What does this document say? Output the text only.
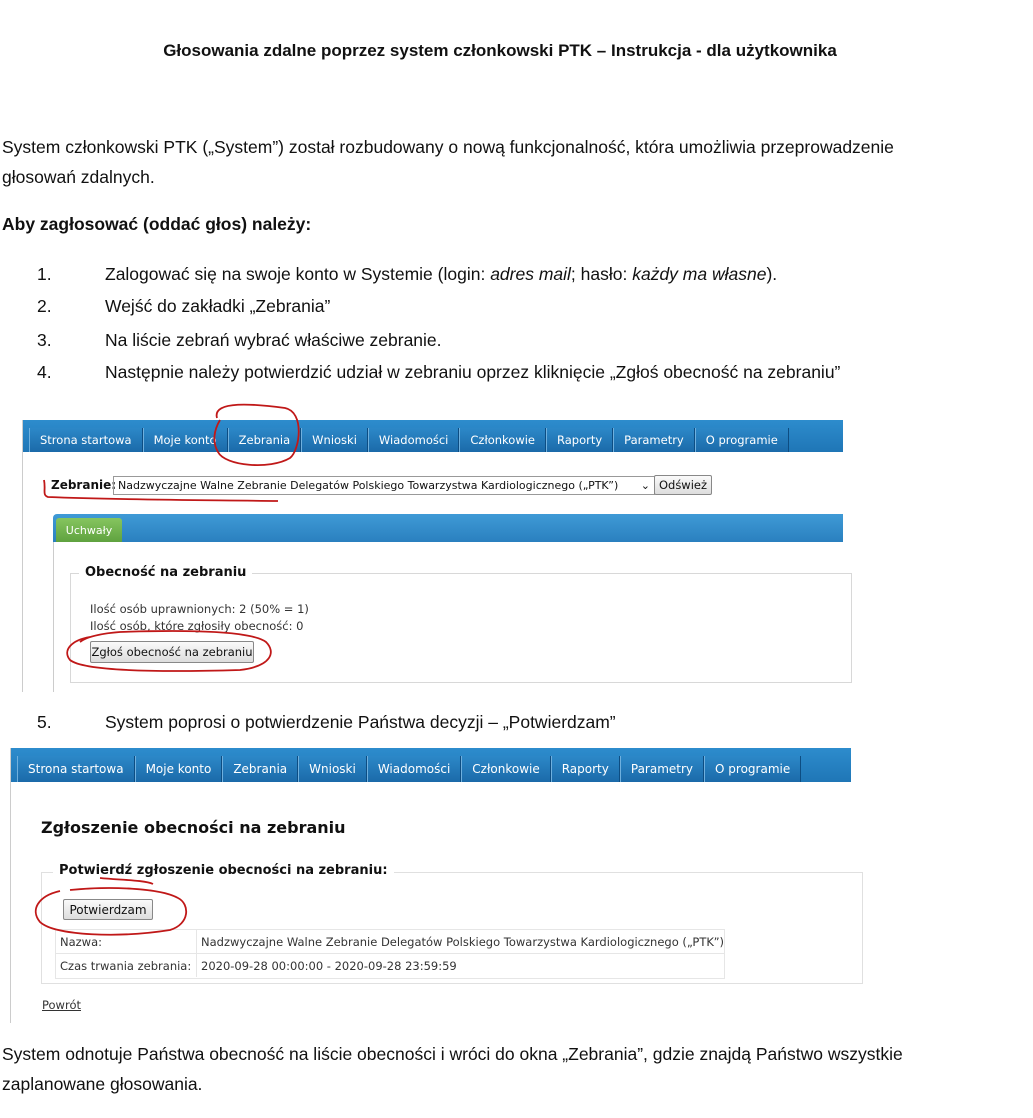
Głosowania zdalne poprzez system członkowski PTK – Instrukcja - dla użytkownika
System członkowski PTK („System”) został rozbudowany o nową funkcjonalność, która umożliwia przeprowadzenie
głosowań zdalnych.
Aby zagłosować (oddać głos) należy:
1.	Zalogować się na swoje konto w Systemie (login: adres mail; hasło: każdy ma własne).
2.	Wejść do zakładki „Zebrania”
3.	Na liście zebrań wybrać właściwe zebranie.
4.	Następnie należy potwierdzić udział w zebraniu oprzez kliknięcie „Zgłoś obecność na zebraniu”
Strona startowa	Moje konto	Zebrania	Wnioski	Wiadomości	Członkowie	Raporty	Parametry	O programie
Zebranie: Nadzwyczajne Walne Zebranie Delegatów Polskiego Towarzystwa Kardiologicznego („PTK”) ⌄ Odśwież
Uchwały
Obecność na zebraniu
Ilość osób uprawnionych: 2 (50% = 1)
Ilość osób, które zgłosiły obecność: 0
Zgłoś obecność na zebraniu
5.	System poprosi o potwierdzenie Państwa decyzji – „Potwierdzam”
Strona startowa	Moje konto	Zebrania	Wnioski	Wiadomości	Członkowie	Raporty	Parametry	O programie
Zgłoszenie obecności na zebraniu
Potwierdź zgłoszenie obecności na zebraniu:
Potwierdzam
Nazwa:	Nadzwyczajne Walne Zebranie Delegatów Polskiego Towarzystwa Kardiologicznego („PTK”)
Czas trwania zebrania: 2020-09-28 00:00:00 - 2020-09-28 23:59:59
Powrót
System odnotuje Państwa obecność na liście obecności i wróci do okna „Zebrania”, gdzie znajdą Państwo wszystkie
zaplanowane głosowania.
